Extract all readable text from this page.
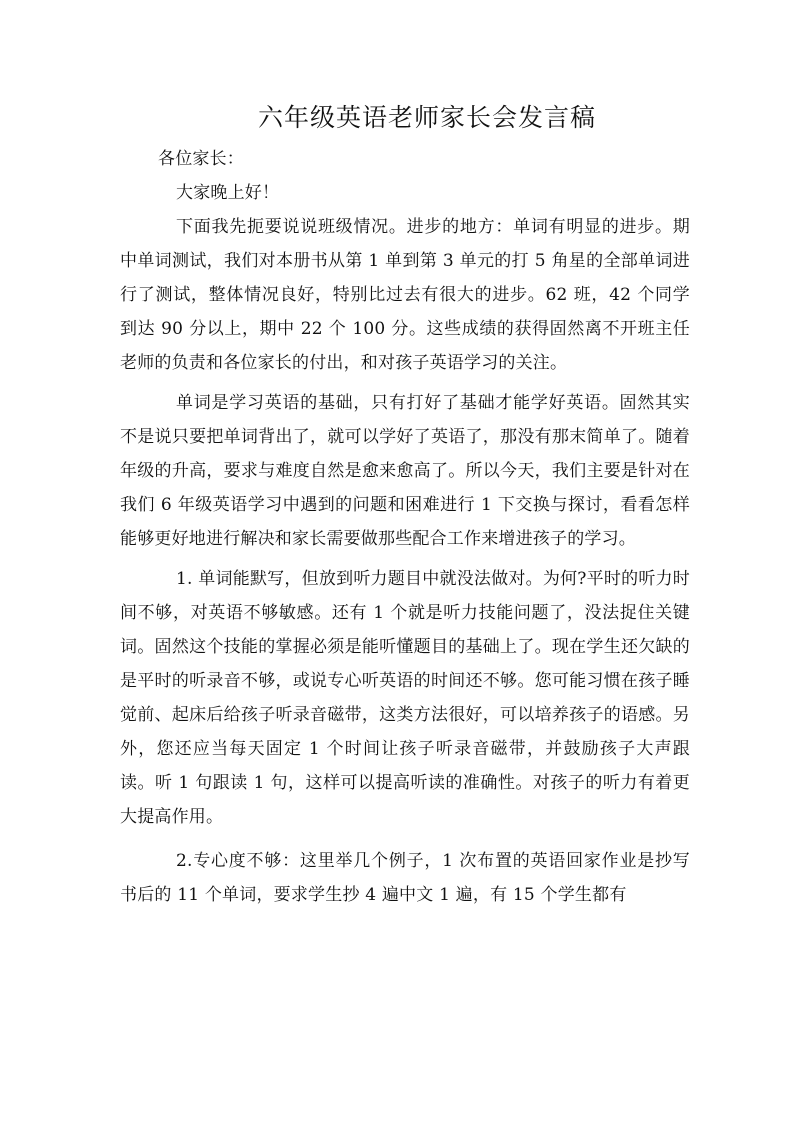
六年级英语老师家长会发言稿

各位家长：

大家晚上好！

下面我先扼要说说班级情况。进步的地方：单词有明显的进步。期中单词测试，我们对本册书从第 1 单到第 3 单元的打 5 角星的全部单词进行了测试，整体情况良好，特别比过去有很大的进步。62 班，42 个同学到达 90 分以上，期中 22 个 100 分。这些成绩的获得固然离不开班主任老师的负责和各位家长的付出，和对孩子英语学习的关注。

单词是学习英语的基础，只有打好了基础才能学好英语。固然其实不是说只要把单词背出了，就可以学好了英语了，那没有那末简单了。随着年级的升高，要求与难度自然是愈来愈高了。所以今天，我们主要是针对在我们 6 年级英语学习中遇到的问题和困难进行 1 下交换与探讨，看看怎样能够更好地进行解决和家长需要做那些配合工作来增进孩子的学习。

1. 单词能默写，但放到听力题目中就没法做对。为何?平时的听力时间不够，对英语不够敏感。还有 1 个就是听力技能问题了，没法捉住关键词。固然这个技能的掌握必须是能听懂题目的基础上了。现在学生还欠缺的是平时的听录音不够，或说专心听英语的时间还不够。您可能习惯在孩子睡觉前、起床后给孩子听录音磁带，这类方法很好，可以培养孩子的语感。另外，您还应当每天固定 1 个时间让孩子听录音磁带，并鼓励孩子大声跟读。听 1 句跟读 1 句，这样可以提高听读的准确性。对孩子的听力有着更大提高作用。

2.专心度不够：这里举几个例子，1 次布置的英语回家作业是抄写书后的 11 个单词，要求学生抄 4 遍中文 1 遍，有 15 个学生都有
